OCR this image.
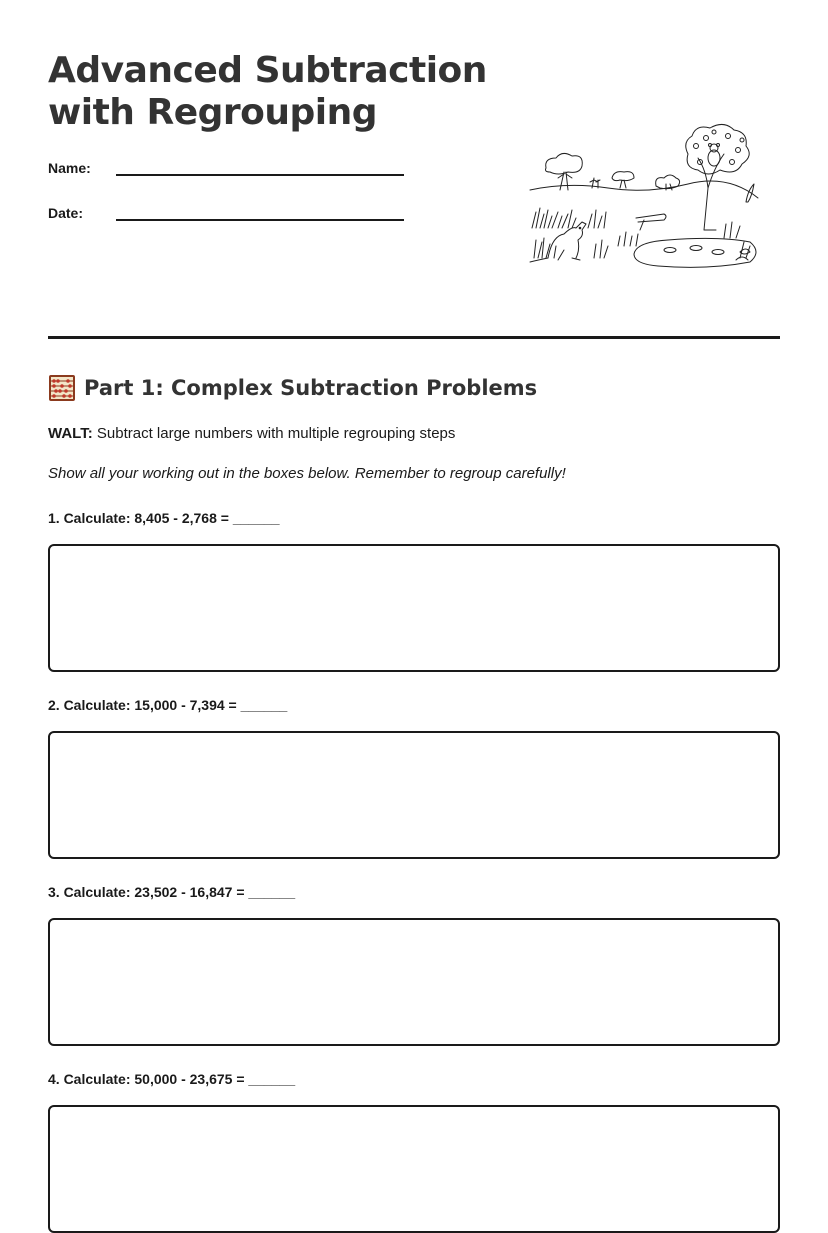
Advanced Subtraction
with Regrouping
Name:
Date:
Part 1: Complex Subtraction Problems
WALT: Subtract large numbers with multiple regrouping steps
Show all your working out in the boxes below. Remember to regroup carefully!
1. Calculate: 8,405 - 2,768 = ______
2. Calculate: 15,000 - 7,394 = ______
3. Calculate: 23,502 - 16,847 = ______
4. Calculate: 50,000 - 23,675 = ______
